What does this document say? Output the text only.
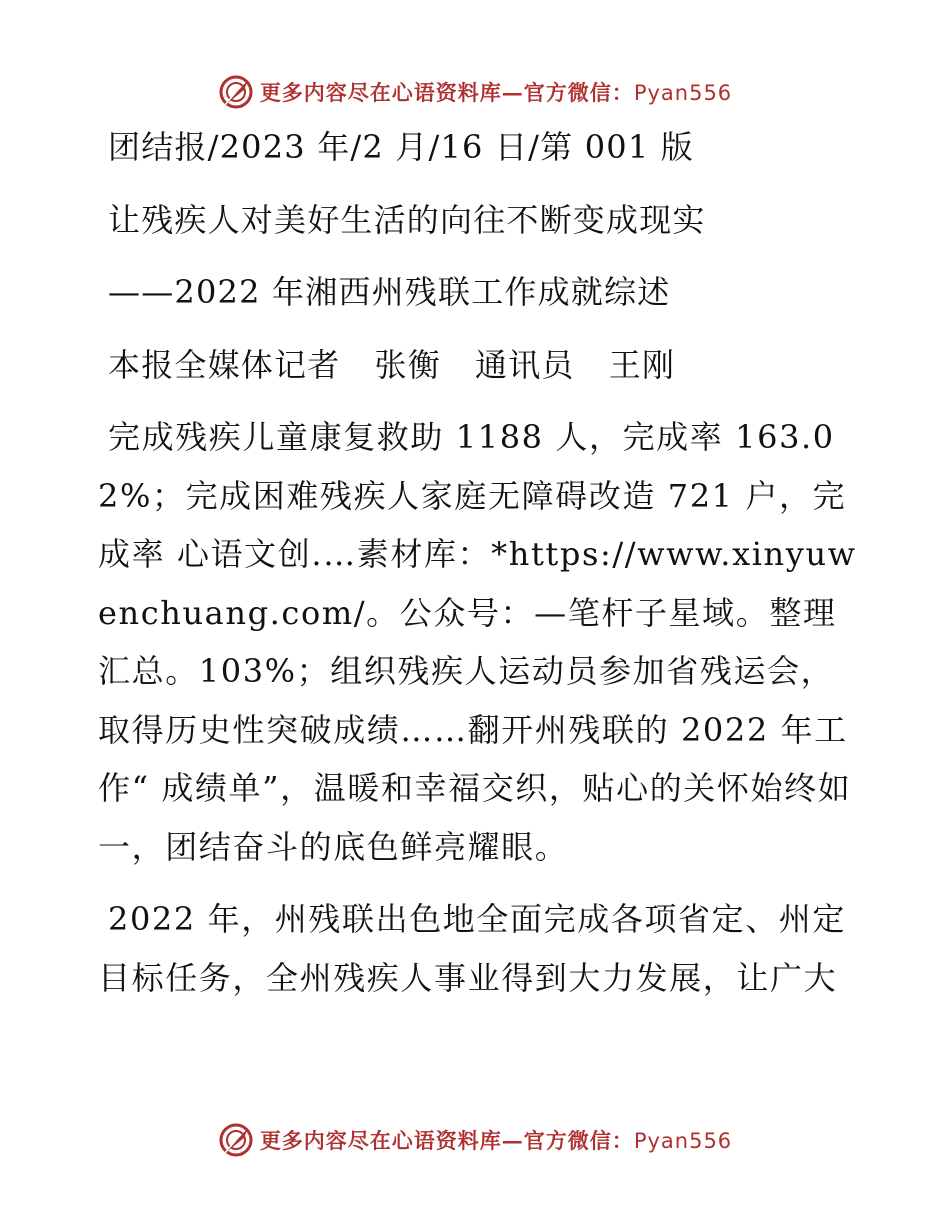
更多内容尽在心语资料库—官方微信：Pyan556
团结报/2023 年/2 月/16 日/第 001 版
让残疾人对美好生活的向往不断变成现实
——2022 年湘西州残联工作成就综述
本报全媒体记者   张衡   通讯员   王刚
完成残疾儿童康复救助 1188 人，完成率 163.02%；完成困难残疾人家庭无障碍改造 721 户，完成率 心语文创.…素材库：*https://www.xinyuwenchuang.com/。公众号：—笔杆子星域。整理汇总。103%；组织残疾人运动员参加省残运会，取得历史性突破成绩……翻开州残联的 2022 年工作“ 成绩单”，温暖和幸福交织，贴心的关怀始终如一，团结奋斗的底色鲜亮耀眼。
2022 年，州残联出色地全面完成各项省定、州定目标任务，全州残疾人事业得到大力发展，让广大
更多内容尽在心语资料库—官方微信：Pyan556
